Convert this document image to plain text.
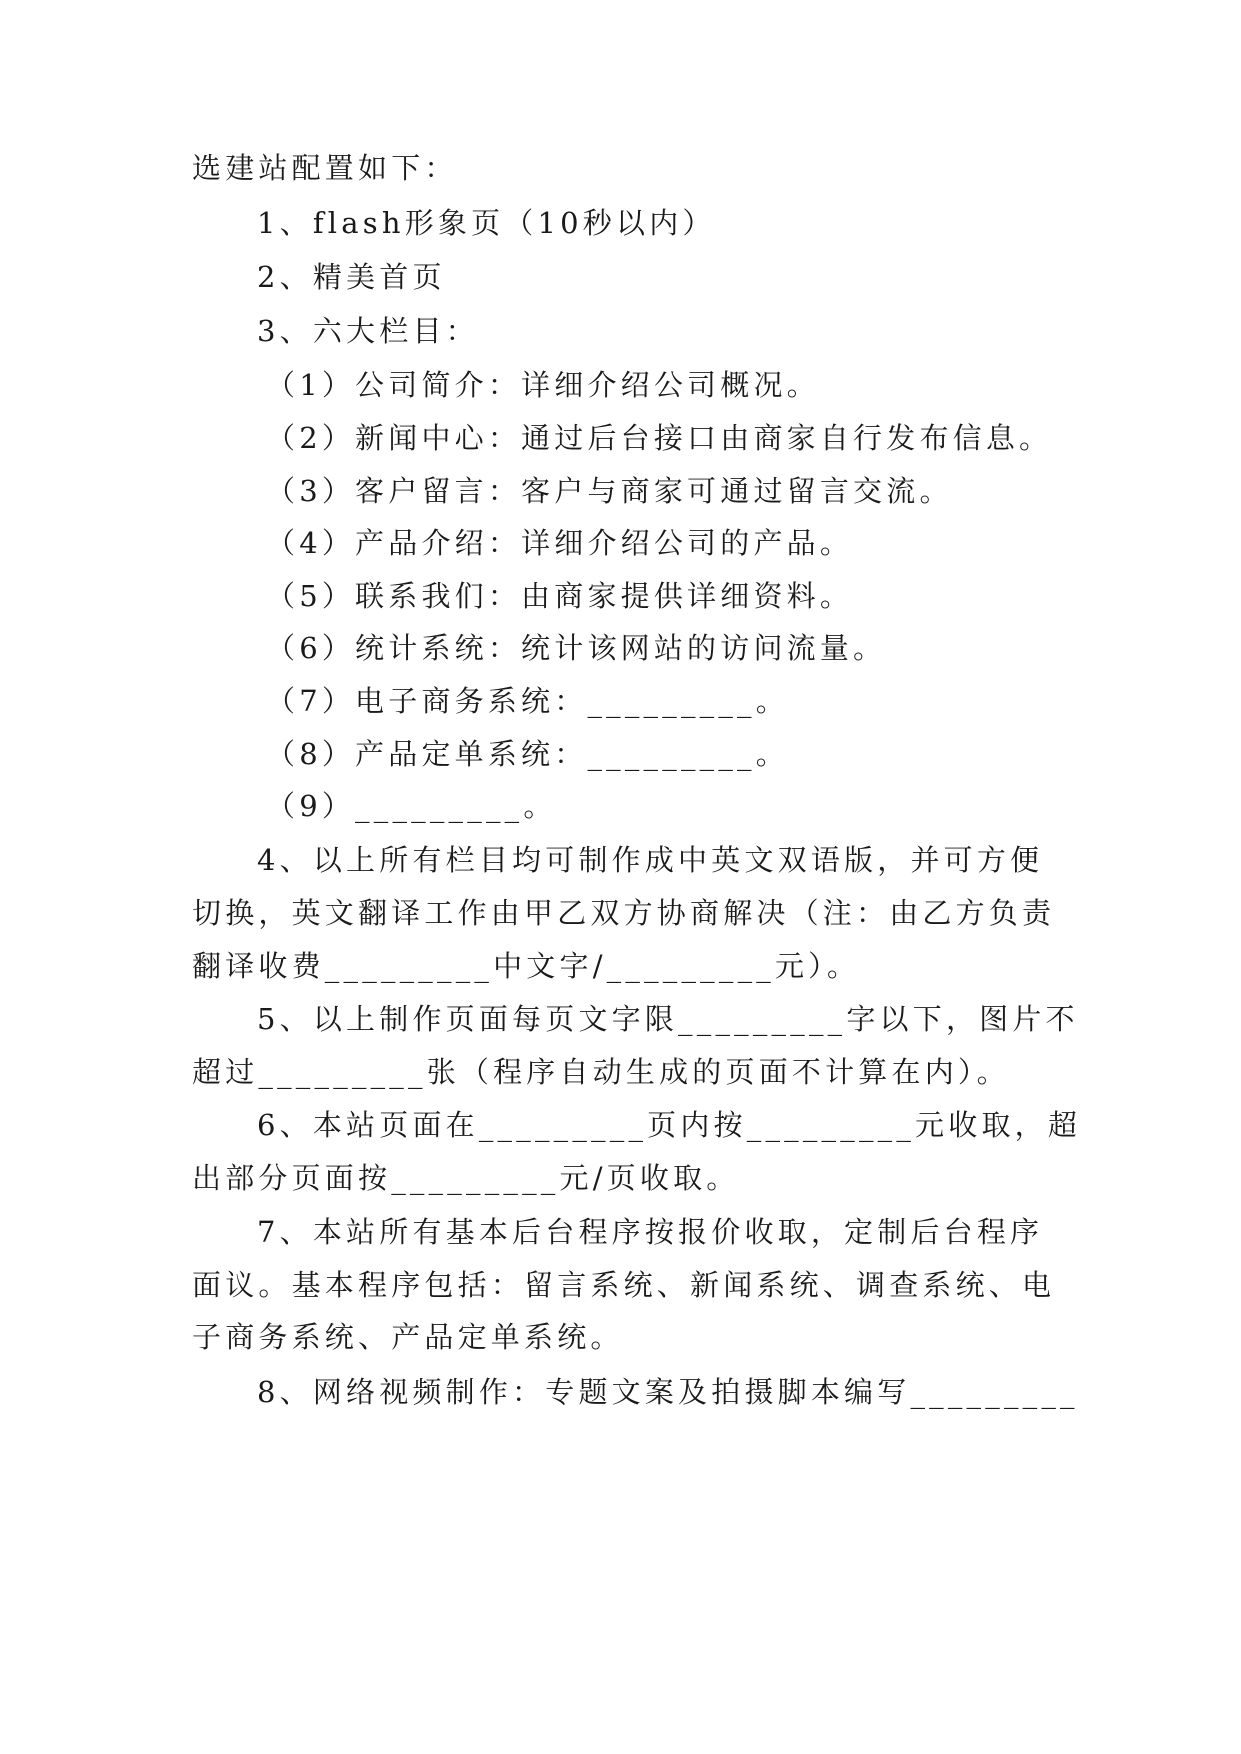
选建站配置如下：
1、flash形象页（10秒以内）
2、精美首页
3、六大栏目：
（1）公司简介：详细介绍公司概况。
（2）新闻中心：通过后台接口由商家自行发布信息。
（3）客户留言：客户与商家可通过留言交流。
（4）产品介绍：详细介绍公司的产品。
（5）联系我们：由商家提供详细资料。
（6）统计系统：统计该网站的访问流量。
（7）电子商务系统：_________。
（8）产品定单系统：_________。
（9）_________。
4、以上所有栏目均可制作成中英文双语版，并可方便
切换，英文翻译工作由甲乙双方协商解决（注：由乙方负责
翻译收费_________中文字/_________元）。
5、以上制作页面每页文字限_________字以下，图片不
超过_________张（程序自动生成的页面不计算在内）。
6、本站页面在_________页内按_________元收取，超
出部分页面按_________元/页收取。
7、本站所有基本后台程序按报价收取，定制后台程序
面议。基本程序包括：留言系统、新闻系统、调查系统、电
子商务系统、产品定单系统。
8、网络视频制作：专题文案及拍摄脚本编写_________
